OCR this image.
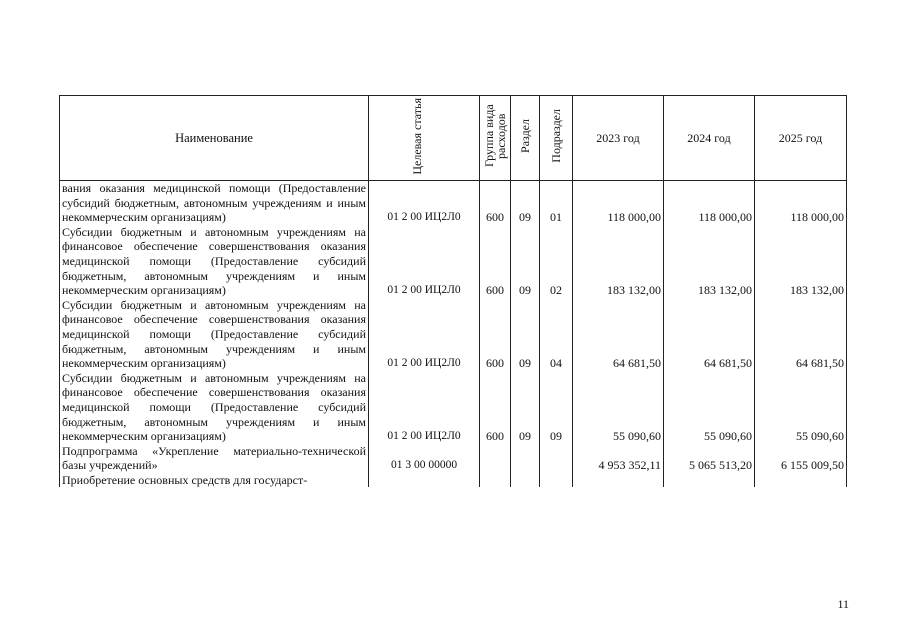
Наименование	Целевая статья	Группа вида расходов	Раздел	Подраздел	2023 год	2024 год	2025 год
вания оказания медицинской помощи (Предоставление субсидий бюджетным, автономным учреждениям и иным некоммерческим организациям)	01 2 00 ИЦ2Л0	600	09	01	118 000,00	118 000,00	118 000,00
Субсидии бюджетным и автономным учреждениям на финансовое обеспечение совершенствования оказания медицинской помощи (Предоставление субсидий бюджетным, автономным учреждениям и иным некоммерческим организациям)	01 2 00 ИЦ2Л0	600	09	02	183 132,00	183 132,00	183 132,00
Субсидии бюджетным и автономным учреждениям на финансовое обеспечение совершенствования оказания медицинской помощи (Предоставление субсидий бюджетным, автономным учреждениям и иным некоммерческим организациям)	01 2 00 ИЦ2Л0	600	09	04	64 681,50	64 681,50	64 681,50
Субсидии бюджетным и автономным учреждениям на финансовое обеспечение совершенствования оказания медицинской помощи (Предоставление субсидий бюджетным, автономным учреждениям и иным некоммерческим организациям)	01 2 00 ИЦ2Л0	600	09	09	55 090,60	55 090,60	55 090,60
Подпрограмма «Укрепление материально-технической базы учреждений»	01 3 00 00000				4 953 352,11	5 065 513,20	6 155 009,50
Приобретение основных средств для государст-							
11
